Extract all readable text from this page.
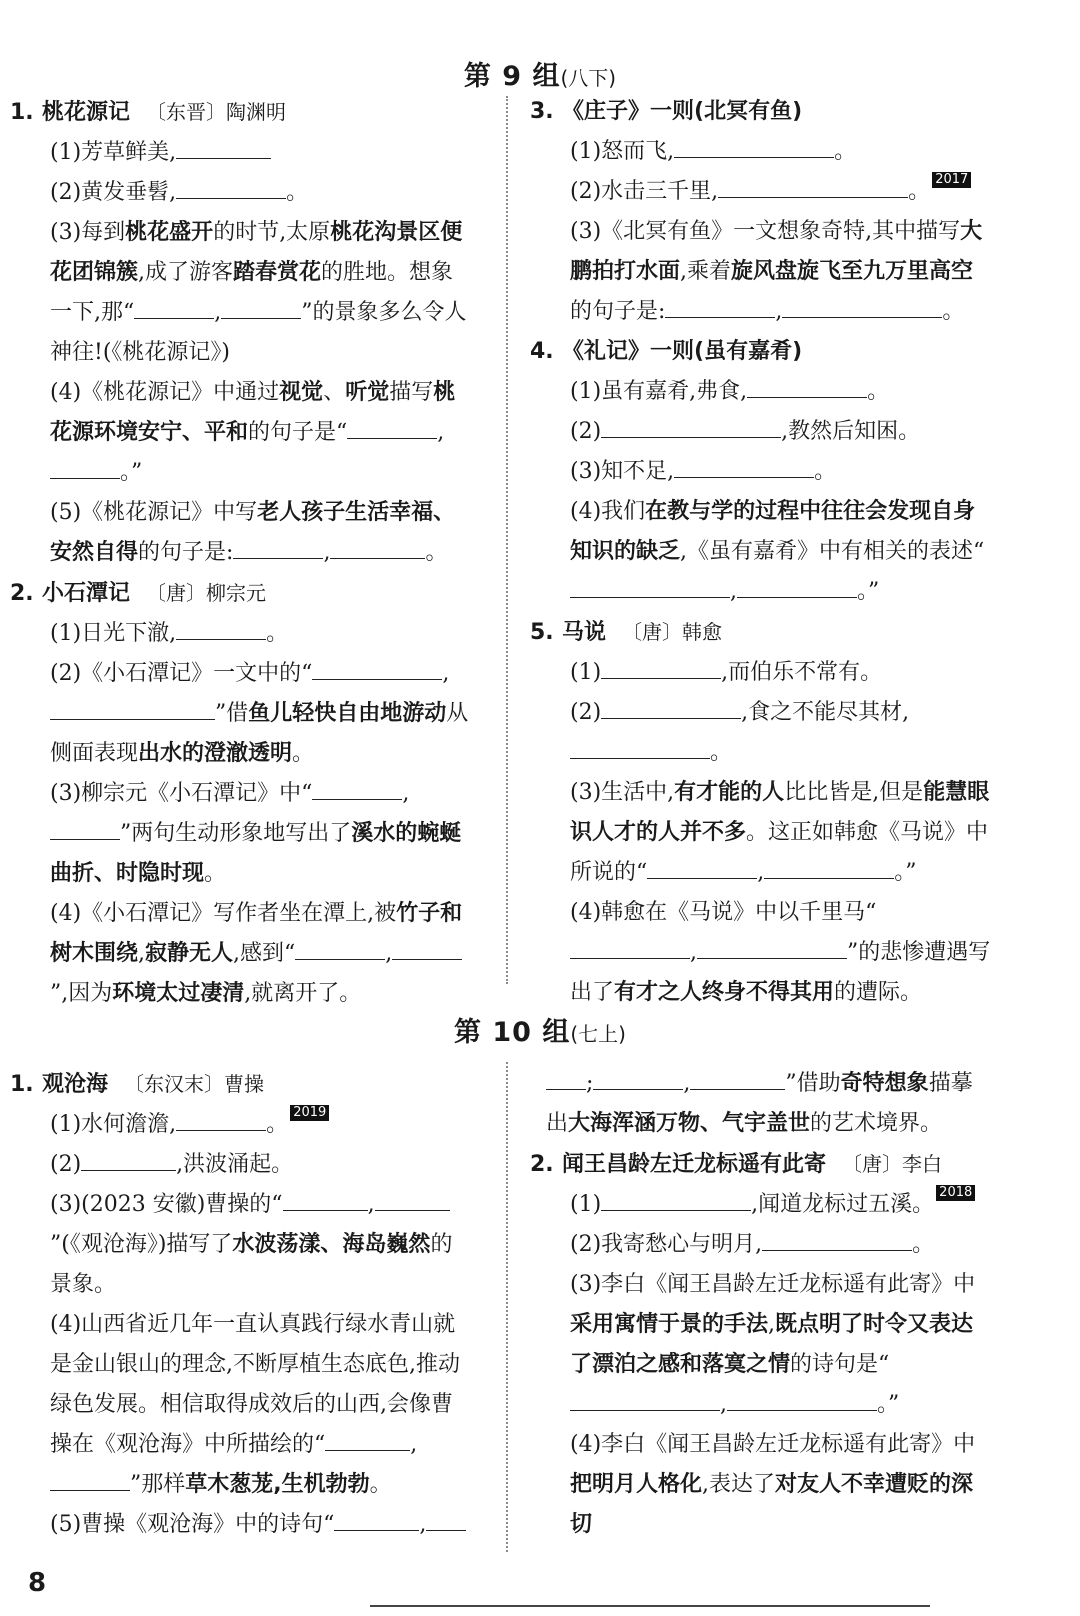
第 9 组(八下)
1. 桃花源记 〔东晋〕陶渊明
(1)芳草鲜美,
(2)黄发垂髫,	。
(3)每到桃花盛开的时节,太原桃花沟景区便花团锦簇,成了游客踏春赏花的胜地。想象一下,那“	,	”的景象多么令人神往!(《桃花源记》)
(4)《桃花源记》中通过视觉、听觉描写桃花源环境安宁、平和的句子是“	,。”
(5)《桃花源记》中写老人孩子生活幸福、安然自得的句子是:	,	。
2. 小石潭记 〔唐〕柳宗元
(1)日光下澈,	。
(2)《小石潭记》一文中的“	,”借鱼儿轻快自由地游动从侧面表现出水的澄澈透明。
(3)柳宗元《小石潭记》中“	,”两句生动形象地写出了溪水的蜿蜒曲折、时隐时现。
(4)《小石潭记》写作者坐在潭上,被竹子和树木围绕,寂静无人,感到“	,”,因为环境太过凄清,就离开了。
3. 《庄子》一则(北冥有鱼)
(1)怒而飞,	。
(2)水击三千里,	。 2017
(3)《北冥有鱼》一文想象奇特,其中描写大鹏拍打水面,乘着旋风盘旋飞至九万里高空的句子是:	,	。
4. 《礼记》一则(虽有嘉肴)
(1)虽有嘉肴,弗食,	。
(2)	,教然后知困。
(3)知不足,	。
(4)我们在教与学的过程中往往会发现自身知识的缺乏,《虽有嘉肴》中有相关的表述“,	。”
5. 马说 〔唐〕韩愈
(1)	,而伯乐不常有。
(2)	,食之不能尽其材,。
(3)生活中,有才能的人比比皆是,但是能慧眼识人才的人并不多。这正如韩愈《马说》中所说的“	,	。”
(4)韩愈在《马说》中以千里马“,	”的悲惨遭遇写出了有才之人终身不得其用的遭际。
第 10 组(七上)
1. 观沧海 〔东汉末〕曹操
(1)水何澹澹,	。 2019
(2)	,洪波涌起。
(3)(2023 安徽)曹操的“	,”(《观沧海》)描写了水波荡漾、海岛巍然的景象。
(4)山西省近几年一直认真践行绿水青山就是金山银山的理念,不断厚植生态底色,推动绿色发展。相信取得成效后的山西,会像曹操在《观沧海》中所描绘的“	,”那样草木葱茏,生机勃勃。
(5)曹操《观沧海》中的诗句“	,
;	,	”借助奇特想象描摹出大海浑涵万物、气宇盖世的艺术境界。
2. 闻王昌龄左迁龙标遥有此寄 〔唐〕李白
(1)	,闻道龙标过五溪。 2018
(2)我寄愁心与明月,	。
(3)李白《闻王昌龄左迁龙标遥有此寄》中采用寓情于景的手法,既点明了时令又表达了漂泊之感和落寞之情的诗句是“,	。”
(4)李白《闻王昌龄左迁龙标遥有此寄》中把明月人格化,表达了对友人不幸遭贬的深切
8
